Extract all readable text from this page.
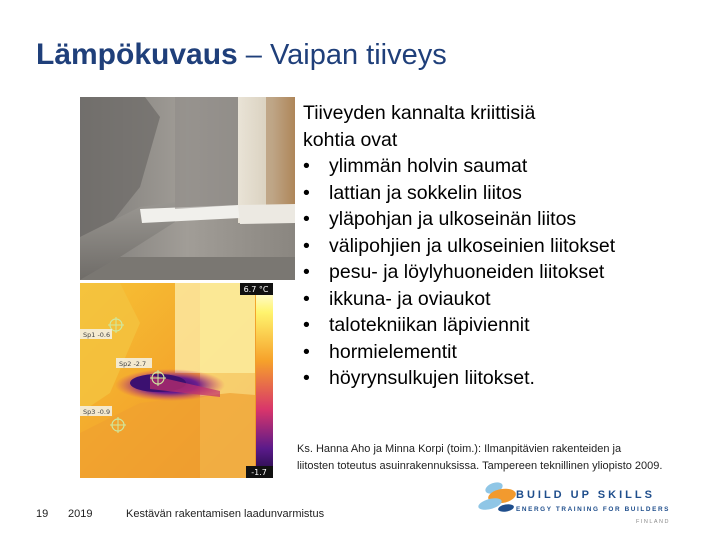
Lämpökuvaus – Vaipan tiiveys
6.7 °C
-1.7
Sp1 -0.6
Sp2 -2.7
Sp3 -0.9
Tiiveyden kannalta kriittisiä
kohtia ovat
• ylimmän holvin saumat
• lattian ja sokkelin liitos
• yläpohjan ja ulkoseinän liitos
• välipohjien ja ulkoseinien liitokset
• pesu- ja löylyhuoneiden liitokset
• ikkuna- ja oviaukot
• talotekniikan läpiviennit
• hormielementit
• höyrynsulkujen liitokset.
Ks. Hanna Aho ja Minna Korpi (toim.): Ilmanpitävien rakenteiden ja
liitosten toteutus asuinrakennuksissa. Tampereen teknillinen yliopisto 2009.
19 2019	Kestävän rakentamisen laadunvarmistus
BUILD UP SKILLS
ENERGY TRAINING FOR BUILDERS
FINLAND
